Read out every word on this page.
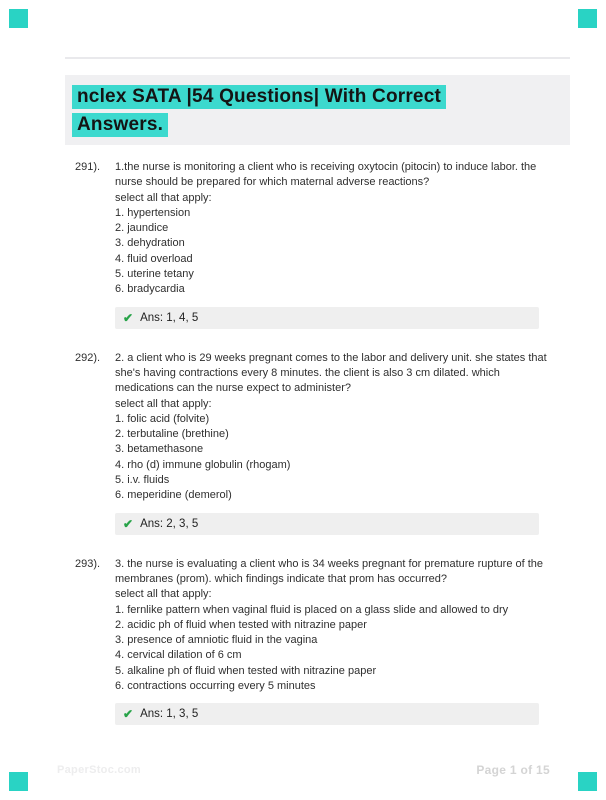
nclex SATA |54 Questions| With Correct
Answers.
291).	1.the nurse is monitoring a client who is receiving oxytocin (pitocin) to induce labor. the
nurse should be prepared for which maternal adverse reactions?
select all that apply:
1. hypertension
2. jaundice
3. dehydration
4. fluid overload
5. uterine tetany
6. bradycardia
✔ Ans: 1, 4, 5
292).	2. a client who is 29 weeks pregnant comes to the labor and delivery unit. she states that
she's having contractions every 8 minutes. the client is also 3 cm dilated. which
medications can the nurse expect to administer?
select all that apply:
1. folic acid (folvite)
2. terbutaline (brethine)
3. betamethasone
4. rho (d) immune globulin (rhogam)
5. i.v. fluids
6. meperidine (demerol)
✔ Ans: 2, 3, 5
293).	3. the nurse is evaluating a client who is 34 weeks pregnant for premature rupture of the
membranes (prom). which findings indicate that prom has occurred?
select all that apply:
1. fernlike pattern when vaginal fluid is placed on a glass slide and allowed to dry
2. acidic ph of fluid when tested with nitrazine paper
3. presence of amniotic fluid in the vagina
4. cervical dilation of 6 cm
5. alkaline ph of fluid when tested with nitrazine paper
6. contractions occurring every 5 minutes
✔ Ans: 1, 3, 5
PaperStoc.com	Page 1 of 15
